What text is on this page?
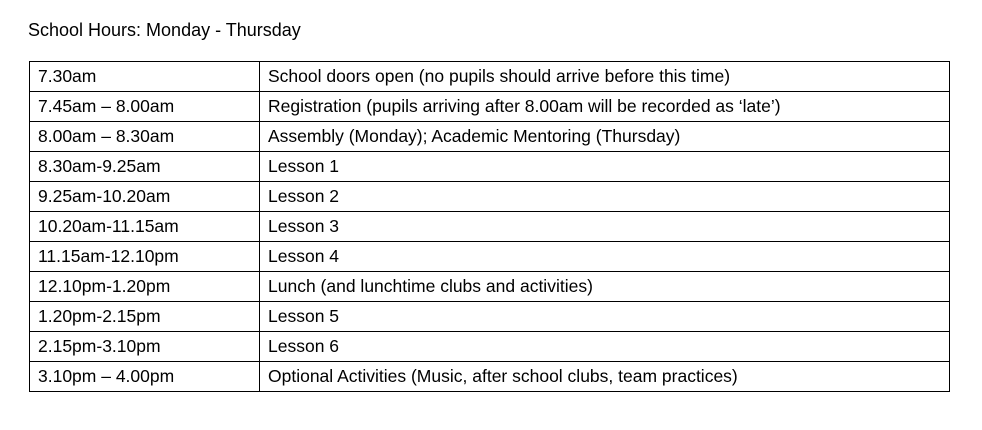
School Hours: Monday - Thursday
7.30am	School doors open (no pupils should arrive before this time)
7.45am – 8.00am	Registration (pupils arriving after 8.00am will be recorded as ‘late’)
8.00am – 8.30am	Assembly (Monday); Academic Mentoring (Thursday)
8.30am-9.25am	Lesson 1
9.25am-10.20am	Lesson 2
10.20am-11.15am	Lesson 3
11.15am-12.10pm	Lesson 4
12.10pm-1.20pm	Lunch (and lunchtime clubs and activities)
1.20pm-2.15pm	Lesson 5
2.15pm-3.10pm	Lesson 6
3.10pm – 4.00pm	Optional Activities (Music, after school clubs, team practices)
